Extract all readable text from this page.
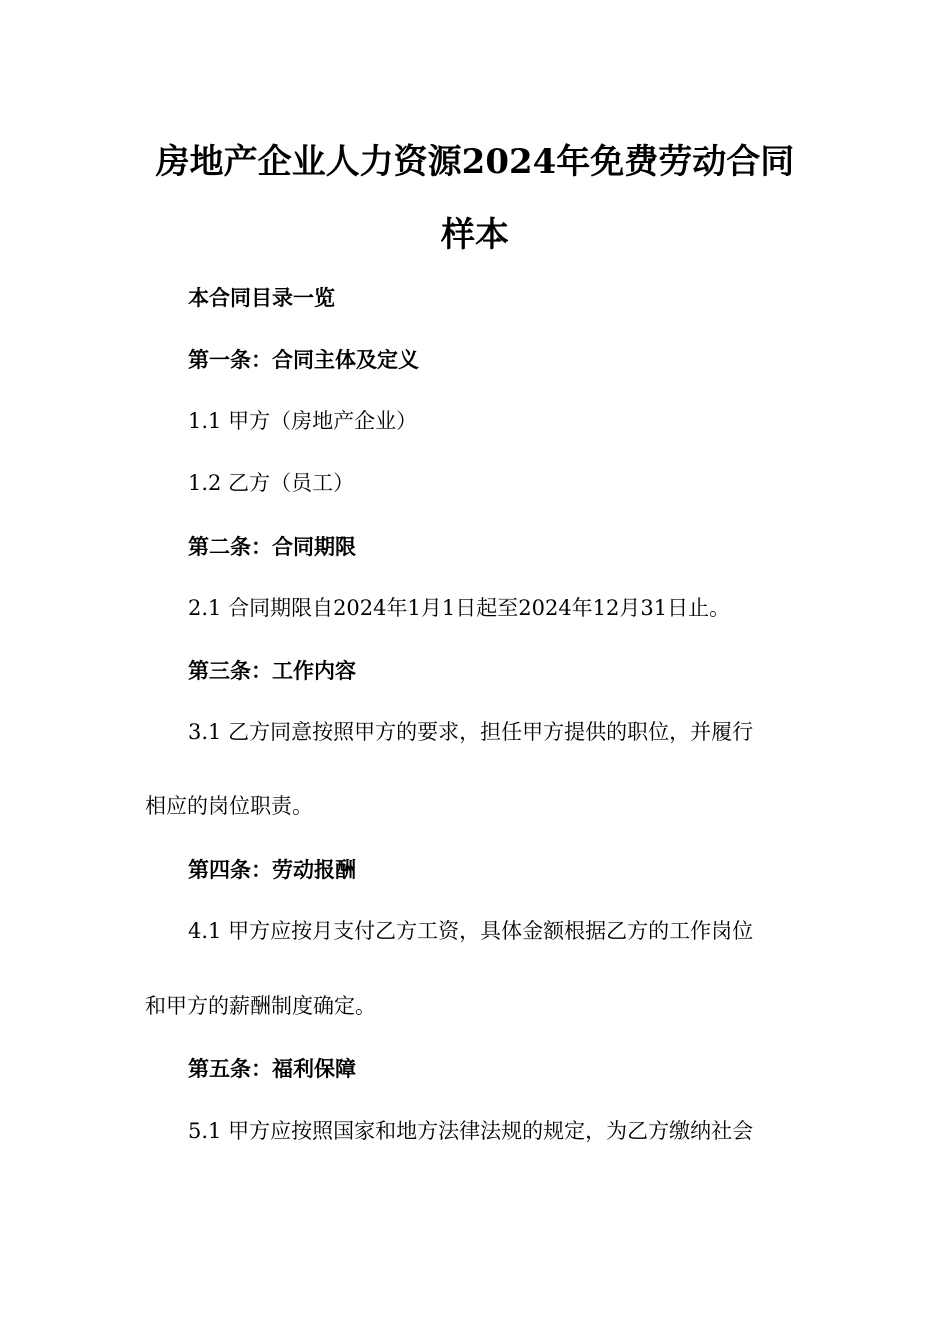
房地产企业人力资源2024年免费劳动合同
样本
本合同目录一览
第一条：合同主体及定义
1.1 甲方（房地产企业）
1.2 乙方（员工）
第二条：合同期限
2.1 合同期限自2024年1月1日起至2024年12月31日止。
第三条：工作内容
3.1 乙方同意按照甲方的要求，担任甲方提供的职位，并履行
相应的岗位职责。
第四条：劳动报酬
4.1 甲方应按月支付乙方工资，具体金额根据乙方的工作岗位
和甲方的薪酬制度确定。
第五条：福利保障
5.1 甲方应按照国家和地方法律法规的规定，为乙方缴纳社会
